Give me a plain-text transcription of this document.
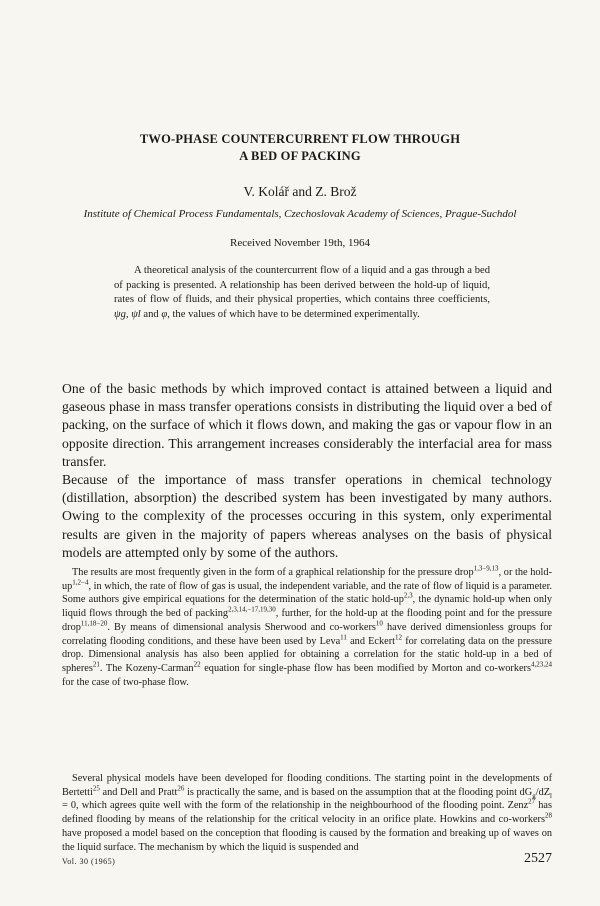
TWO-PHASE COUNTERCURRENT FLOW THROUGH
A BED OF PACKING
V. Kolář and Z. Brož
Institute of Chemical Process Fundamentals, Czechoslovak Academy of Sciences, Prague-Suchdol
Received November 19th, 1964

A theoretical analysis of the countercurrent flow of a liquid and a gas through a bed of packing is presented. A relationship has been derived between the hold-up of liquid, rates of flow of fluids, and their physical properties, which contains three coefficients, ψg, ψl and φ, the values of which have to be determined experimentally.

One of the basic methods by which improved contact is attained between a liquid and gaseous phase in mass transfer operations consists in distributing the liquid over a bed of packing, on the surface of which it flows down, and making the gas or vapour flow in an opposite direction. This arrangement increases considerably the interfacial area for mass transfer.

Because of the importance of mass transfer operations in chemical technology (distillation, absorption) the described system has been investigated by many authors. Owing to the complexity of the processes occuring in this system, only experimental results are given in the majority of papers whereas analyses on the basis of physical models are attempted only by some of the authors.

The results are most frequently given in the form of a graphical relationship for the pressure drop$^{1,3-9,13}$, or the hold-$up^{1,2-4}$, in which, the rate of flow of gas is usual, the independent variable, and the rate of flow of liquid is a parameter. Some authors give empirical equations for the determination of the static hold-up$^{2,3}$, the dynamic hold-up when only liquid flows through the bed of packing$^{2,3,14,-17,19,30}$, further, for the hold-up at the flooding point and for the pressure drop$^{11,18-20}$. By means of dimensional analysis Sherwood and co-workers$^{10}$ have derived dimensionless groups for correlating flooding conditions, and these have been used by Leva$^{11}$ and Eckert$^{12}$ for correlating data on the pressure drop. Dimensional analysis has also been applied for obtaining a correlation for the static hold-up in a bed of spheres$^{21}$. The Kozeny-Carman$^{22}$ equation for single-phase flow has been modified by Morton and co-workers$^{4,23,24}$ for the case of two-phase flow.

Several physical models have been developed for flooding conditions. The starting point in the developments of Bertetti$^{25}$ and Dell and Pratt$^{26}$ is practically the same, and is based on the assumption that at the flooding point $dG_g/dZ_l = 0$, which agrees quite well with the form of the relationship in the neighbourhood of the flooding point. Zenz$^{27}$ has defined flooding by means of the relationship for the critical velocity in an orifice plate. Howkins and co-workers$^{28}$ have proposed a model based on the conception that flooding is caused by the formation and breaking up of waves on the liquid surface. The mechanism by which the liquid is suspended and

Vol. 30 (1965)	2527
